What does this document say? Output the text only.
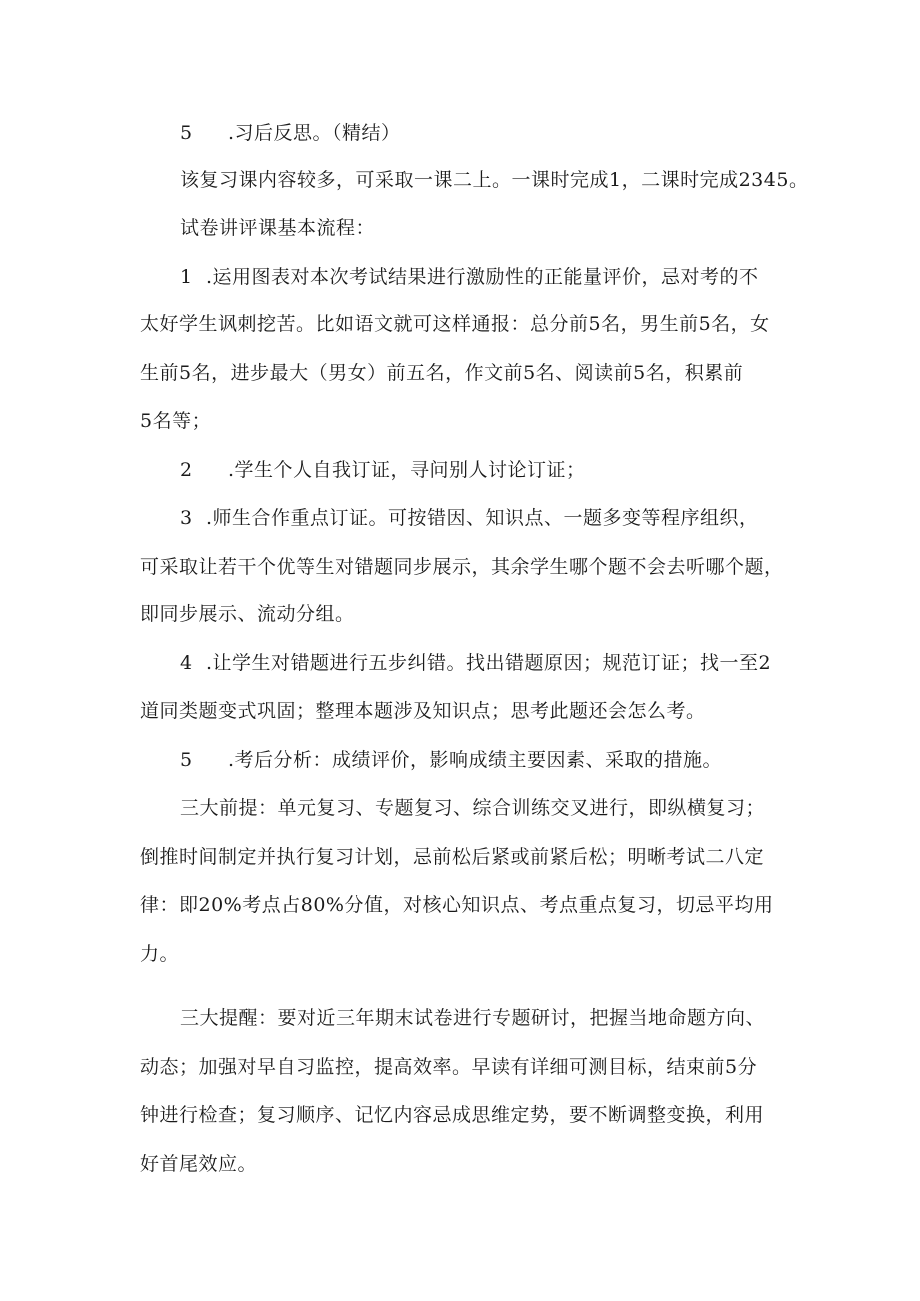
5 .习后反思。（精结）
该复习课内容较多，可采取一课二上。一课时完成1，二课时完成2345。
试卷讲评课基本流程：
1 .运用图表对本次考试结果进行激励性的正能量评价，忌对考的不
太好学生讽刺挖苦。比如语文就可这样通报：总分前5名，男生前5名，女
生前5名，进步最大（男女）前五名，作文前5名、阅读前5名，积累前
5名等；
2 .学生个人自我订证，寻问别人讨论订证；
3 .师生合作重点订证。可按错因、知识点、一题多变等程序组织，
可采取让若干个优等生对错题同步展示，其余学生哪个题不会去听哪个题，
即同步展示、流动分组。
4 .让学生对错题进行五步纠错。找出错题原因；规范订证；找一至2
道同类题变式巩固；整理本题涉及知识点；思考此题还会怎么考。
5 .考后分析：成绩评价，影响成绩主要因素、采取的措施。
三大前提：单元复习、专题复习、综合训练交叉进行，即纵横复习；
倒推时间制定并执行复习计划，忌前松后紧或前紧后松；明晰考试二八定
律：即20%考点占80%分值，对核心知识点、考点重点复习，切忌平均用
力。
三大提醒：要对近三年期末试卷进行专题研讨，把握当地命题方向、
动态；加强对早自习监控，提高效率。早读有详细可测目标，结束前5分
钟进行检查；复习顺序、记忆内容忌成思维定势，要不断调整变换，利用
好首尾效应。
